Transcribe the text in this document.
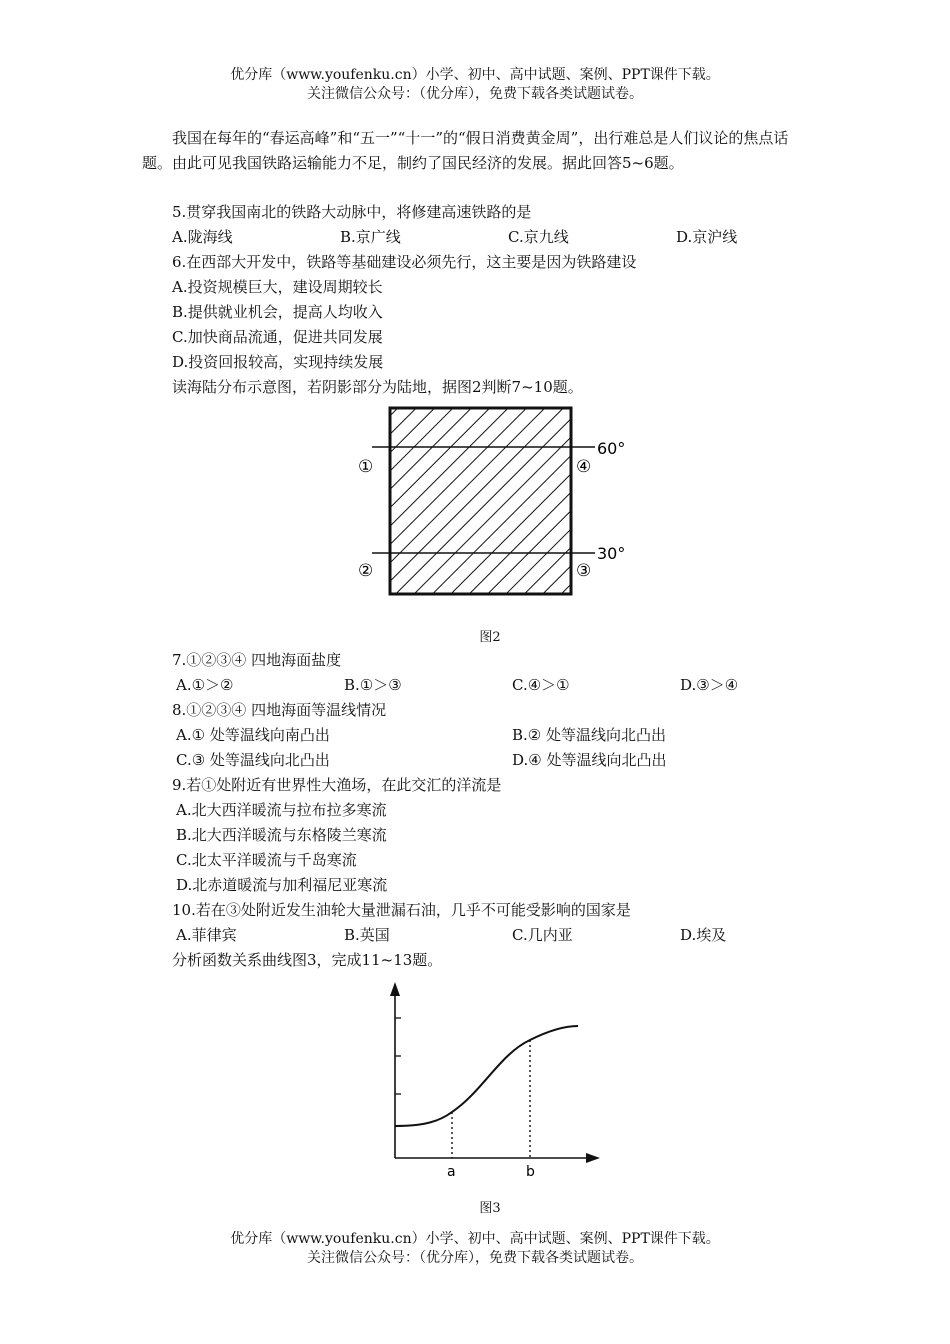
优分库（www.youfenku.cn）小学、初中、高中试题、案例、PPT课件下载。
关注微信公众号：（优分库），免费下载各类试题试卷。
我国在每年的“春运高峰”和“五一”“十一”的“假日消费黄金周”，出行难总是人们议论的焦点话题。由此可见我国铁路运输能力不足，制约了国民经济的发展。据此回答5~6题。
5.贯穿我国南北的铁路大动脉中，将修建高速铁路的是
A.陇海线	B.京广线	C.京九线	D.京沪线
6.在西部大开发中，铁路等基础建设必须先行，这主要是因为铁路建设
A.投资规模巨大，建设周期较长
B.提供就业机会，提高人均收入
C.加快商品流通，促进共同发展
D.投资回报较高，实现持续发展
读海陆分布示意图，若阴影部分为陆地，据图2判断7~10题。
60°
30°
①	④
②	③
图2
7.①②③④ 四地海面盐度
A.①＞②	B.①＞③	C.④＞①	D.③＞④
8.①②③④ 四地海面等温线情况
A.① 处等温线向南凸出	B.② 处等温线向北凸出
C.③ 处等温线向北凸出	D.④ 处等温线向北凸出
9.若①处附近有世界性大渔场，在此交汇的洋流是
A.北大西洋暖流与拉布拉多寒流
B.北大西洋暖流与东格陵兰寒流
C.北太平洋暖流与千岛寒流
D.北赤道暖流与加利福尼亚寒流
10.若在③处附近发生油轮大量泄漏石油，几乎不可能受影响的国家是
A.菲律宾	B.英国	C.几内亚	D.埃及
分析函数关系曲线图3，完成11~13题。
a	b
图3
优分库（www.youfenku.cn）小学、初中、高中试题、案例、PPT课件下载。
关注微信公众号：（优分库），免费下载各类试题试卷。
